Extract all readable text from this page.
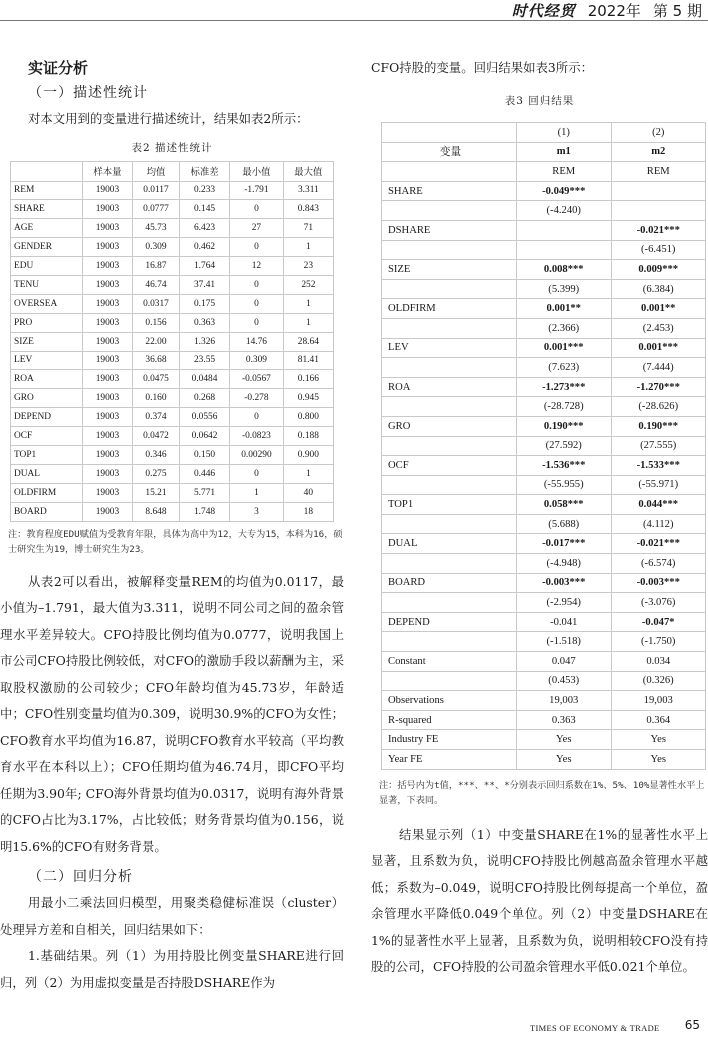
时代经贸 2022年 第 5 期
实证分析
（一）描述性统计

对本文用到的变量进行描述统计，结果如表2所示：

表2 描述性统计
	样本量	均值	标准差	最小值	最大值
REM	19003	0.0117	0.233	-1.791	3.311
SHARE	19003	0.0777	0.145	0	0.843
AGE	19003	45.73	6.423	27	71
GENDER	19003	0.309	0.462	0	1
EDU	19003	16.87	1.764	12	23
TENU	19003	46.74	37.41	0	252
OVERSEA	19003	0.0317	0.175	0	1
PRO	19003	0.156	0.363	0	1
SIZE	19003	22.00	1.326	14.76	28.64
LEV	19003	36.68	23.55	0.309	81.41
ROA	19003	0.0475	0.0484	-0.0567	0.166
GRO	19003	0.160	0.268	-0.278	0.945
DEPEND	19003	0.374	0.0556	0	0.800
OCF	19003	0.0472	0.0642	-0.0823	0.188
TOP1	19003	0.346	0.150	0.00290	0.900
DUAL	19003	0.275	0.446	0	1
OLDFIRM	19003	15.21	5.771	1	40
BOARD	19003	8.648	1.748	3	18

注：教育程度EDU赋值为受教育年限，具体为高中为12，大专为15，本科为16，硕士研究生为19，博士研究生为23。

从表2可以看出，被解释变量REM的均值为0.0117，最小值为–1.791，最大值为3.311，说明不同公司之间的盈余管理水平差异较大。CFO持股比例均值为0.0777，说明我国上市公司CFO持股比例较低，对CFO的激励手段以薪酬为主，采取股权激励的公司较少；CFO年龄均值为45.73岁，年龄适中；CFO性别变量均值为0.309，说明30.9%的CFO为女性；CFO教育水平均值为16.87，说明CFO教育水平较高（平均教育水平在本科以上）；CFO任期均值为46.74月，即CFO平均任期为3.90年; CFO海外背景均值为0.0317，说明有海外背景的CFO占比为3.17%，占比较低；财务背景均值为0.156，说明15.6%的CFO有财务背景。

（二）回归分析

用最小二乘法回归模型，用聚类稳健标准误（cluster）处理异方差和自相关，回归结果如下：

1.基础结果。列（1）为用持股比例变量SHARE进行回归，列（2）为用虚拟变量是否持股DSHARE作为

CFO持股的变量。回归结果如表3所示：

表3 回归结果
	(1)	(2)
变量	m1	m2
	REM	REM
SHARE	-0.049***	
	(-4.240)	
DSHARE		-0.021***
		(-6.451)
SIZE	0.008***	0.009***
	(5.399)	(6.384)
OLDFIRM	0.001**	0.001**
	(2.366)	(2.453)
LEV	0.001***	0.001***
	(7.623)	(7.444)
ROA	-1.273***	-1.270***
	(-28.728)	(-28.626)
GRO	0.190***	0.190***
	(27.592)	(27.555)
OCF	-1.536***	-1.533***
	(-55.955)	(-55.971)
TOP1	0.058***	0.044***
	(5.688)	(4.112)
DUAL	-0.017***	-0.021***
	(-4.948)	(-6.574)
BOARD	-0.003***	-0.003***
	(-2.954)	(-3.076)
DEPEND	-0.041	-0.047*
	(-1.518)	(-1.750)
Constant	0.047	0.034
	(0.453)	(0.326)
Observations	19,003	19,003
R-squared	0.363	0.364
Industry FE	Yes	Yes
Year FE	Yes	Yes

注：括号内为t值，***、**、*分别表示回归系数在1%、5%、10%显著性水平上显著，下表同。

结果显示列（1）中变量SHARE在1%的显著性水平上显著，且系数为负，说明CFO持股比例越高盈余管理水平越低；系数为–0.049，说明CFO持股比例每提高一个单位，盈余管理水平降低0.049个单位。列（2）中变量DSHARE在1%的显著性水平上显著，且系数为负，说明相较CFO没有持股的公司，CFO持股的公司盈余管理水平低0.021个单位。

TIMES OF ECONOMY & TRADE 65
